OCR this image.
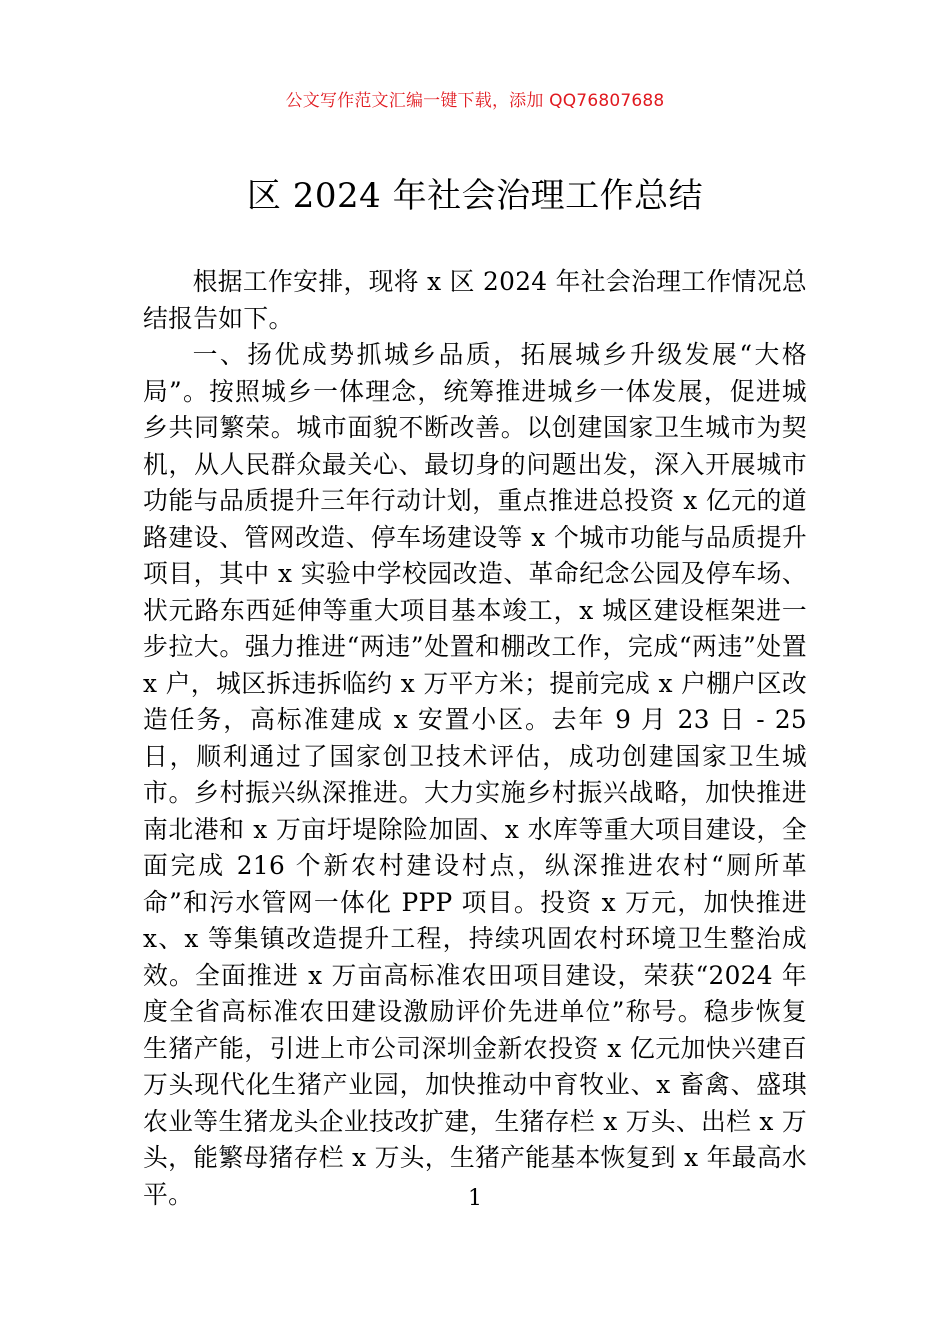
公文写作范文汇编一键下载，添加 QQ76807688
区 2024 年社会治理工作总结

根据工作安排，现将 x 区 2024 年社会治理工作情况总结报告如下。

一、扬优成势抓城乡品质，拓展城乡升级发展“大格局”。按照城乡一体理念，统筹推进城乡一体发展，促进城乡共同繁荣。城市面貌不断改善。以创建国家卫生城市为契机，从人民群众最关心、最切身的问题出发，深入开展城市功能与品质提升三年行动计划，重点推进总投资 x 亿元的道路建设、管网改造、停车场建设等 x 个城市功能与品质提升项目，其中 x 实验中学校园改造、革命纪念公园及停车场、状元路东西延伸等重大项目基本竣工，x 城区建设框架进一步拉大。强力推进“两违”处置和棚改工作，完成“两违”处置 x 户，城区拆违拆临约 x 万平方米；提前完成 x 户棚户区改造任务，高标准建成 x 安置小区。去年 9 月 23 日 - 25 日，顺利通过了国家创卫技术评估，成功创建国家卫生城市。乡村振兴纵深推进。大力实施乡村振兴战略，加快推进南北港和 x 万亩圩堤除险加固、x 水库等重大项目建设，全面完成 216 个新农村建设村点，纵深推进农村“厕所革命”和污水管网一体化 PPP 项目。投资 x 万元，加快推进 x、x 等集镇改造提升工程，持续巩固农村环境卫生整治成效。全面推进 x 万亩高标准农田项目建设，荣获“2024 年度全省高标准农田建设激励评价先进单位”称号。稳步恢复生猪产能，引进上市公司深圳金新农投资 x 亿元加快兴建百万头现代化生猪产业园，加快推动中育牧业、x 畜禽、盛琪农业等生猪龙头企业技改扩建，生猪存栏 x 万头、出栏 x 万头，能繁母猪存栏 x 万头，生猪产能基本恢复到 x 年最高水平。	1
